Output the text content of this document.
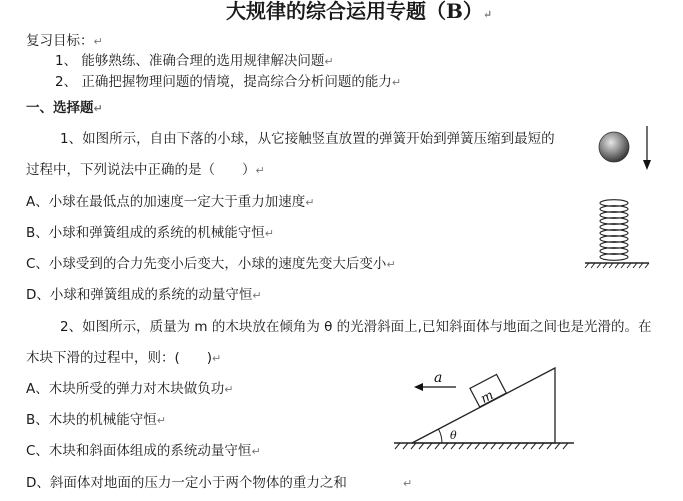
大规律的综合运用专题（B）↵
复习目标：↵
1、 能够熟练、准确合理的选用规律解决问题↵
2、 正确把握物理问题的情境，提高综合分析问题的能力↵
一、选择题↵
1、如图所示，自由下落的小球，从它接触竖直放置的弹簧开始到弹簧压缩到最短的
过程中，下列说法中正确的是（　　）↵
A、小球在最低点的加速度一定大于重力加速度↵
B、小球和弹簧组成的系统的机械能守恒↵
C、小球受到的合力先变小后变大，小球的速度先变大后变小↵
D、小球和弹簧组成的系统的动量守恒↵
2、如图所示，质量为 m 的木块放在倾角为 θ 的光滑斜面上,已知斜面体与地面之间也是光滑的。在
木块下滑的过程中，则：(　　)↵
A、木块所受的弹力对木块做负功↵
B、木块的机械能守恒↵
C、木块和斜面体组成的系统动量守恒↵
D、斜面体对地面的压力一定小于两个物体的重力之和	↵
a
m
θ
